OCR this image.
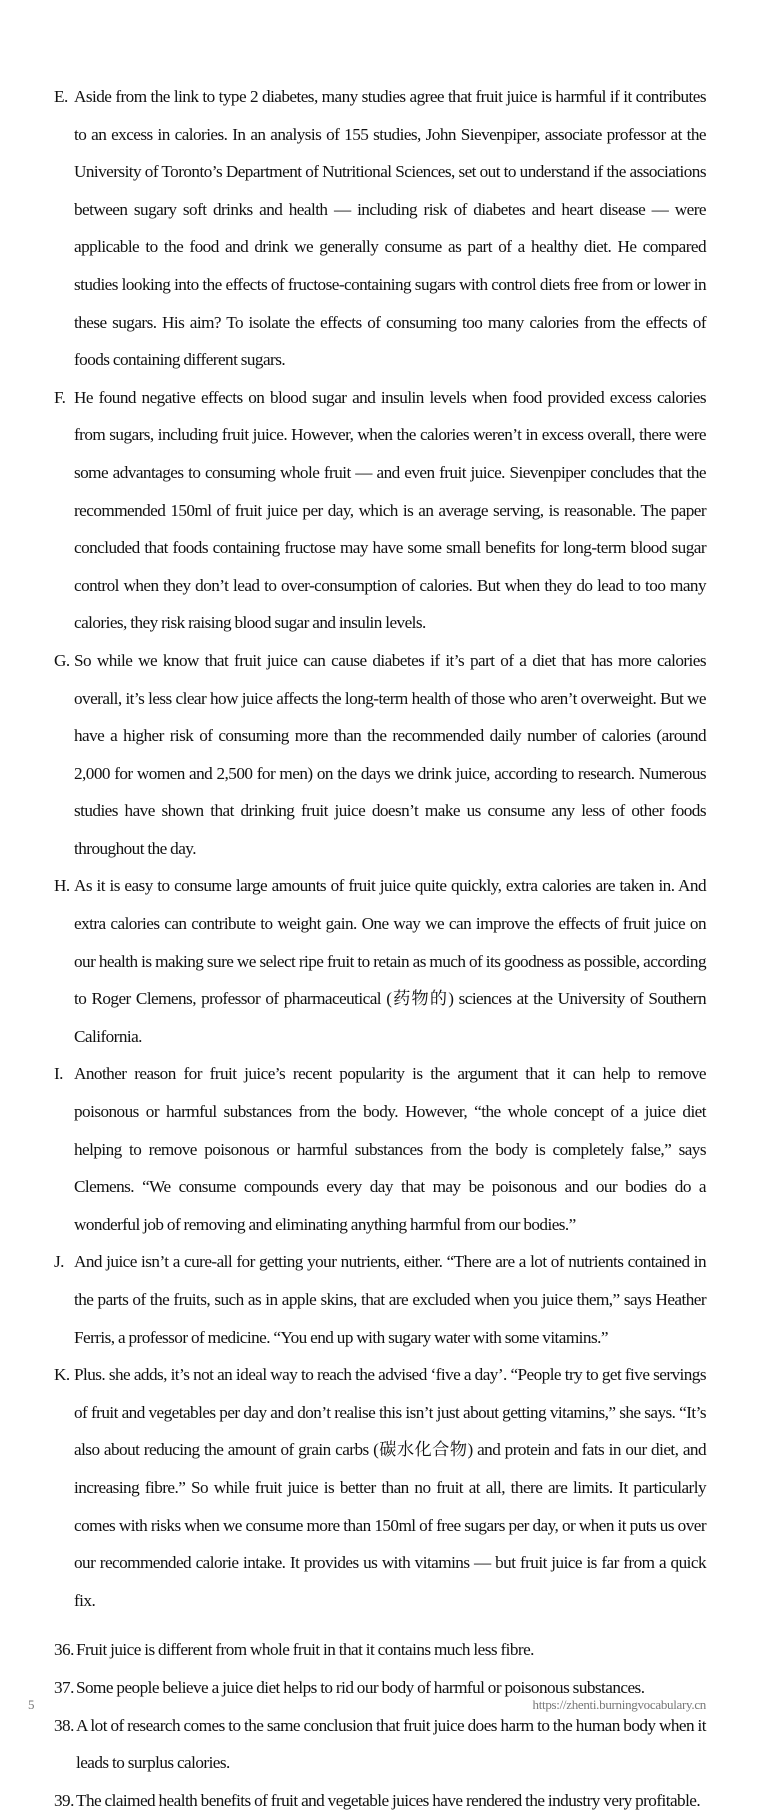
E. Aside from the link to type 2 diabetes, many studies agree that fruit juice is harmful if it contributes to an excess in calories. In an analysis of 155 studies, John Sievenpiper, associate professor at the University of Toronto’s Department of Nutritional Sciences, set out to understand if the associations between sugary soft drinks and health — including risk of diabetes and heart disease — were applicable to the food and drink we generally consume as part of a healthy diet. He compared studies looking into the effects of fructose-containing sugars with control diets free from or lower in these sugars. His aim? To isolate the effects of consuming too many calories from the effects of foods containing different sugars.
F. He found negative effects on blood sugar and insulin levels when food provided excess calories from sugars, including fruit juice. However, when the calories weren’t in excess overall, there were some advantages to consuming whole fruit — and even fruit juice. Sievenpiper concludes that the recommended 150ml of fruit juice per day, which is an average serving, is reasonable. The paper concluded that foods containing fructose may have some small benefits for long-term blood sugar control when they don’t lead to over-consumption of calories. But when they do lead to too many calories, they risk raising blood sugar and insulin levels.
G. So while we know that fruit juice can cause diabetes if it’s part of a diet that has more calories overall, it’s less clear how juice affects the long-term health of those who aren’t overweight. But we have a higher risk of consuming more than the recommended daily number of calories (around 2,000 for women and 2,500 for men) on the days we drink juice, according to research. Numerous studies have shown that drinking fruit juice doesn’t make us consume any less of other foods throughout the day.
H. As it is easy to consume large amounts of fruit juice quite quickly, extra calories are taken in. And extra calories can contribute to weight gain. One way we can improve the effects of fruit juice on our health is making sure we select ripe fruit to retain as much of its goodness as possible, according to Roger Clemens, professor of pharmaceutical (药物的) sciences at the University of Southern California.
I. Another reason for fruit juice’s recent popularity is the argument that it can help to remove poisonous or harmful substances from the body. However, “the whole concept of a juice diet helping to remove poisonous or harmful substances from the body is completely false,” says Clemens. “We consume compounds every day that may be poisonous and our bodies do a wonderful job of removing and eliminating anything harmful from our bodies.”
J. And juice isn’t a cure-all for getting your nutrients, either. “There are a lot of nutrients contained in the parts of the fruits, such as in apple skins, that are excluded when you juice them,” says Heather Ferris, a professor of medicine. “You end up with sugary water with some vitamins.”
K. Plus. she adds, it’s not an ideal way to reach the advised ‘five a day’. “People try to get five servings of fruit and vegetables per day and don’t realise this isn’t just about getting vitamins,” she says. “It’s also about reducing the amount of grain carbs (碳水化合物) and protein and fats in our diet, and increasing fibre.” So while fruit juice is better than no fruit at all, there are limits. It particularly comes with risks when we consume more than 150ml of free sugars per day, or when it puts us over our recommended calorie intake. It provides us with vitamins — but fruit juice is far from a quick fix.
36. Fruit juice is different from whole fruit in that it contains much less fibre.
37. Some people believe a juice diet helps to rid our body of harmful or poisonous substances.
38. A lot of research comes to the same conclusion that fruit juice does harm to the human body when it leads to surplus calories.
39. The claimed health benefits of fruit and vegetable juices have rendered the industry very profitable.
5	https://zhenti.burningvocabulary.cn
